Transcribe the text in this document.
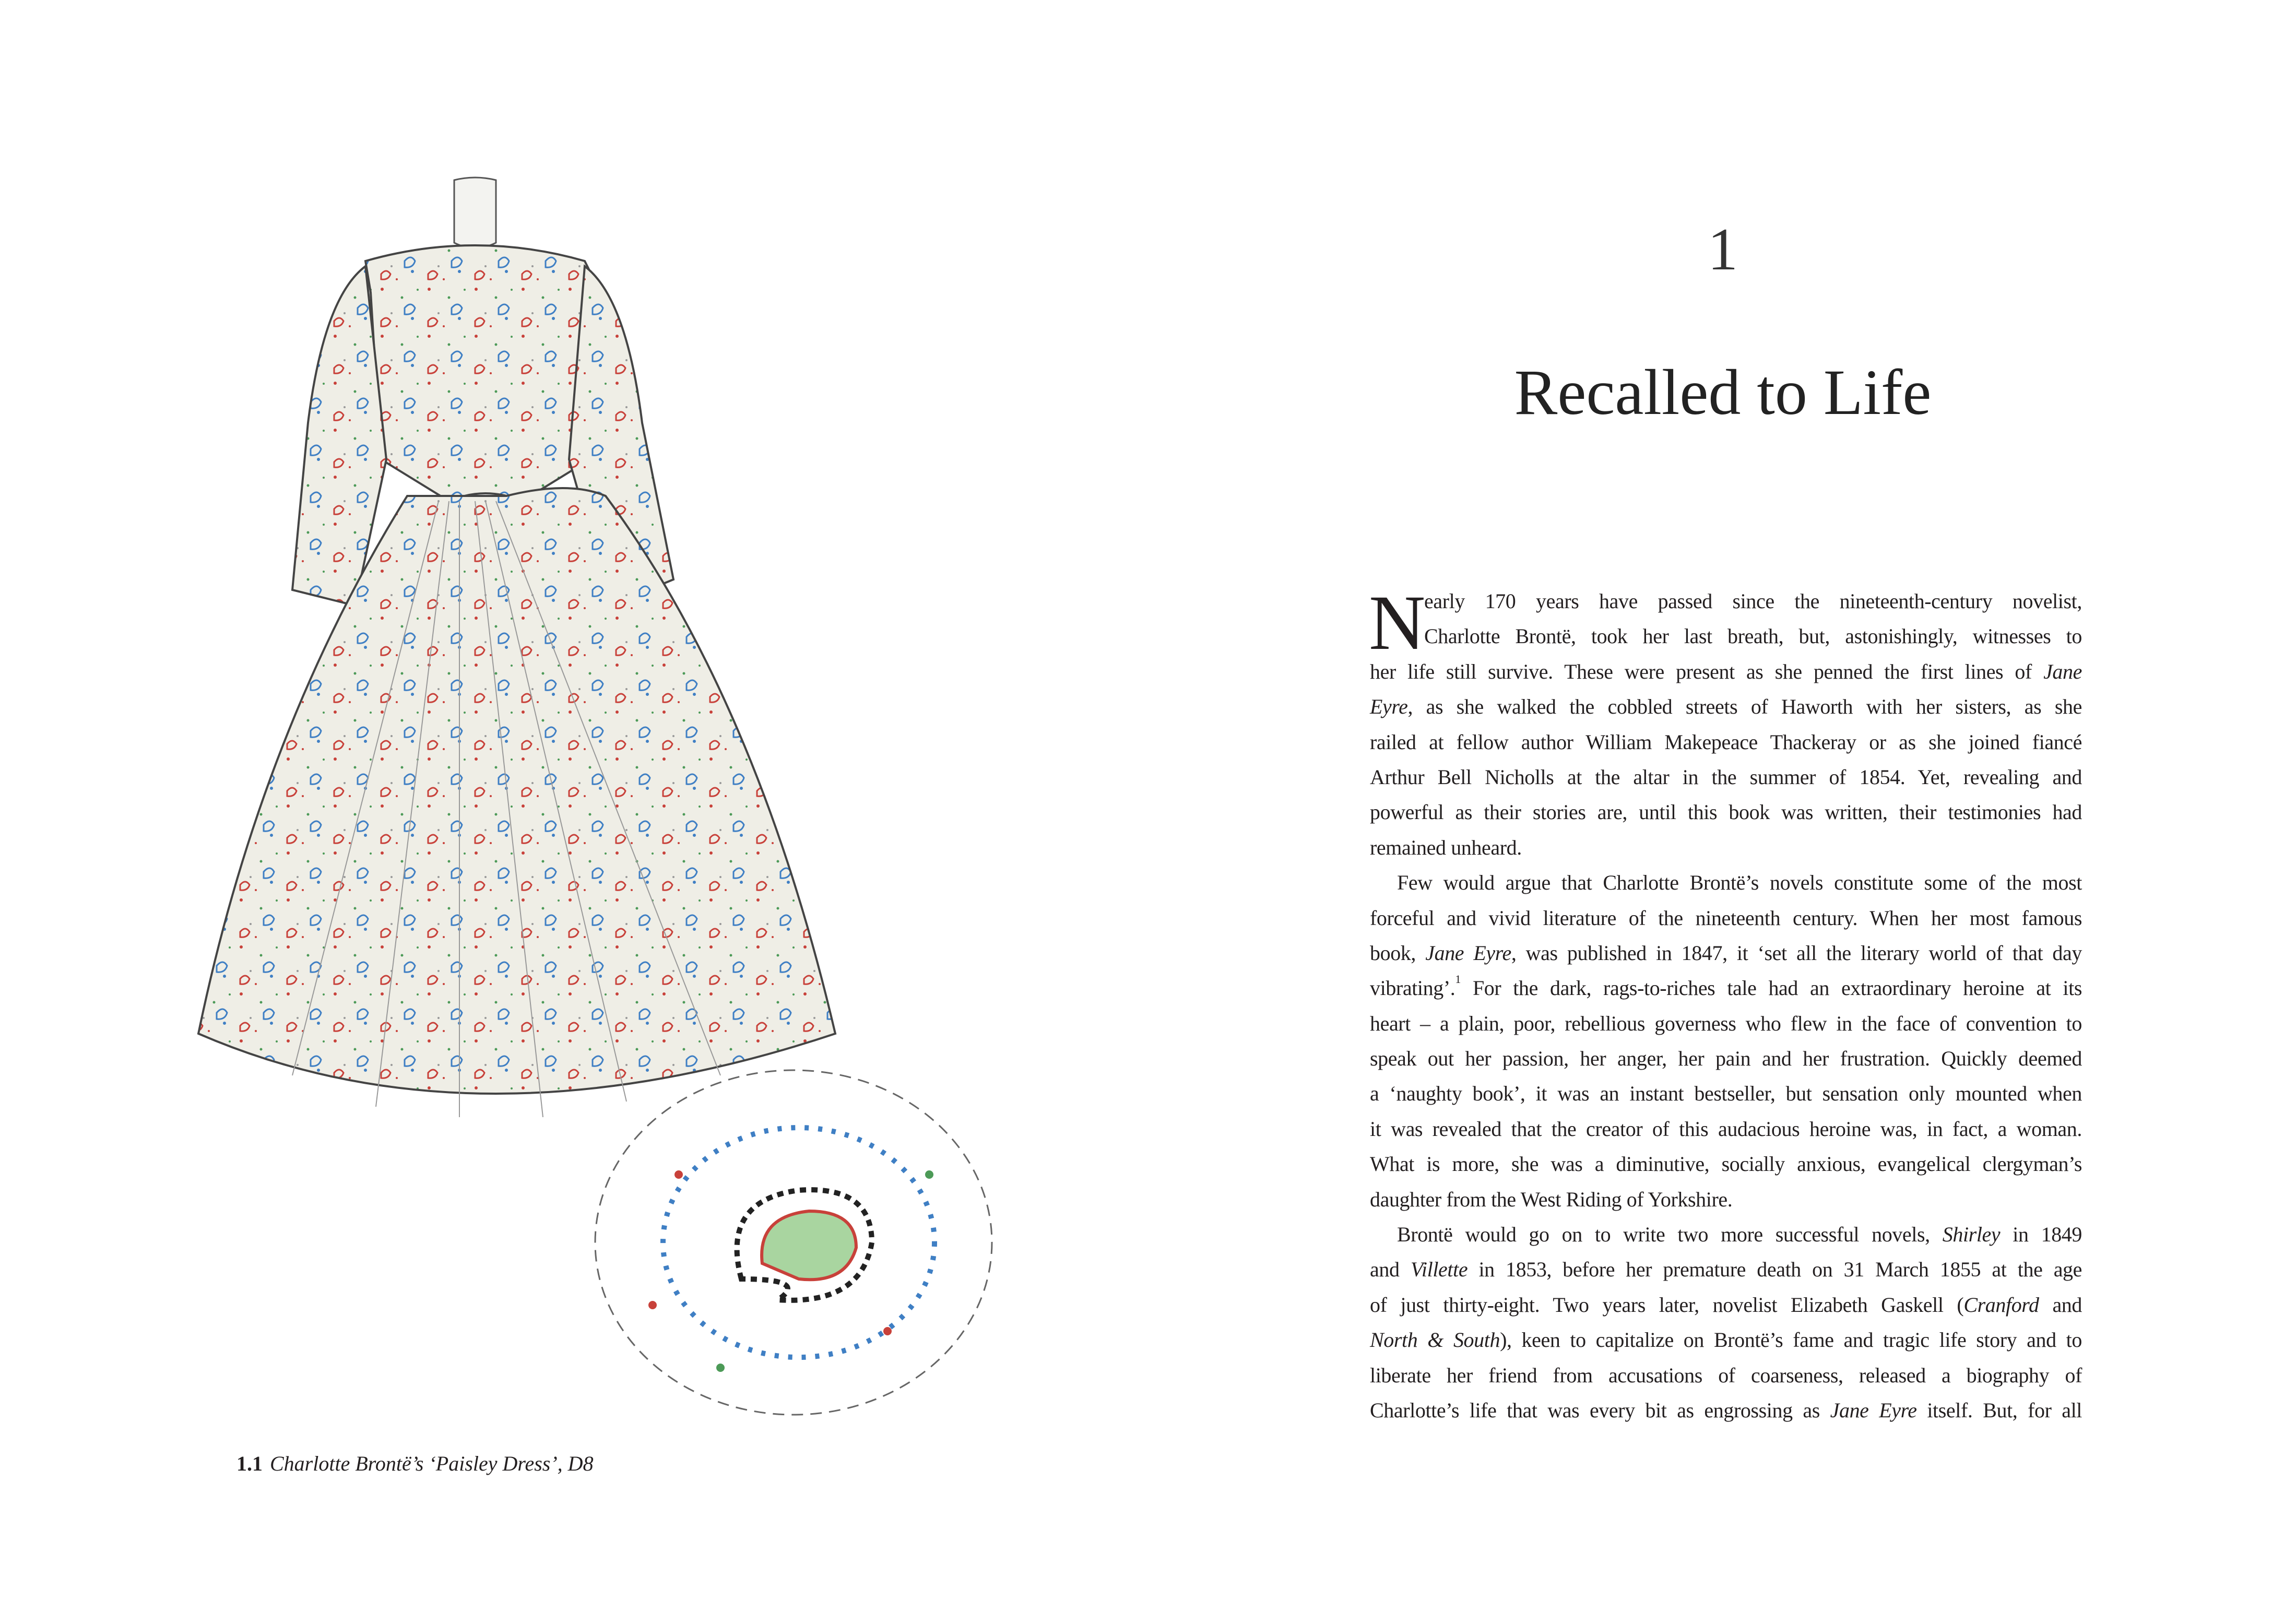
1.1 Charlotte Brontë’s ‘Paisley Dress’, D8
1
Recalled to Life
N
early 170 years have passed since the nineteenth-century novelist,
Charlotte Brontë, took her last breath, but, astonishingly, witnesses to
her life still survive. These were present as she penned the first lines of Jane
Eyre, as she walked the cobbled streets of Haworth with her sisters, as she
railed at fellow author William Makepeace Thackeray or as she joined fiancé
Arthur Bell Nicholls at the altar in the summer of 1854. Yet, revealing and
powerful as their stories are, until this book was written, their testimonies had
remained unheard.
Few would argue that Charlotte Brontë’s novels constitute some of the most
forceful and vivid literature of the nineteenth century. When her most famous
book, Jane Eyre, was published in 1847, it ‘set all the literary world of that day
vibrating’.$^1$ For the dark, rags-to-riches tale had an extraordinary heroine at its
heart – a plain, poor, rebellious governess who flew in the face of convention to
speak out her passion, her anger, her pain and her frustration. Quickly deemed
a ‘naughty book’, it was an instant bestseller, but sensation only mounted when
it was revealed that the creator of this audacious heroine was, in fact, a woman.
What is more, she was a diminutive, socially anxious, evangelical clergyman’s
daughter from the West Riding of Yorkshire.
Brontë would go on to write two more successful novels, Shirley in 1849
and Villette in 1853, before her premature death on 31 March 1855 at the age
of just thirty-eight. Two years later, novelist Elizabeth Gaskell (Cranford and
North & South), keen to capitalize on Brontë’s fame and tragic life story and to
liberate her friend from accusations of coarseness, released a biography of
Charlotte’s life that was every bit as engrossing as Jane Eyre itself. But, for all
